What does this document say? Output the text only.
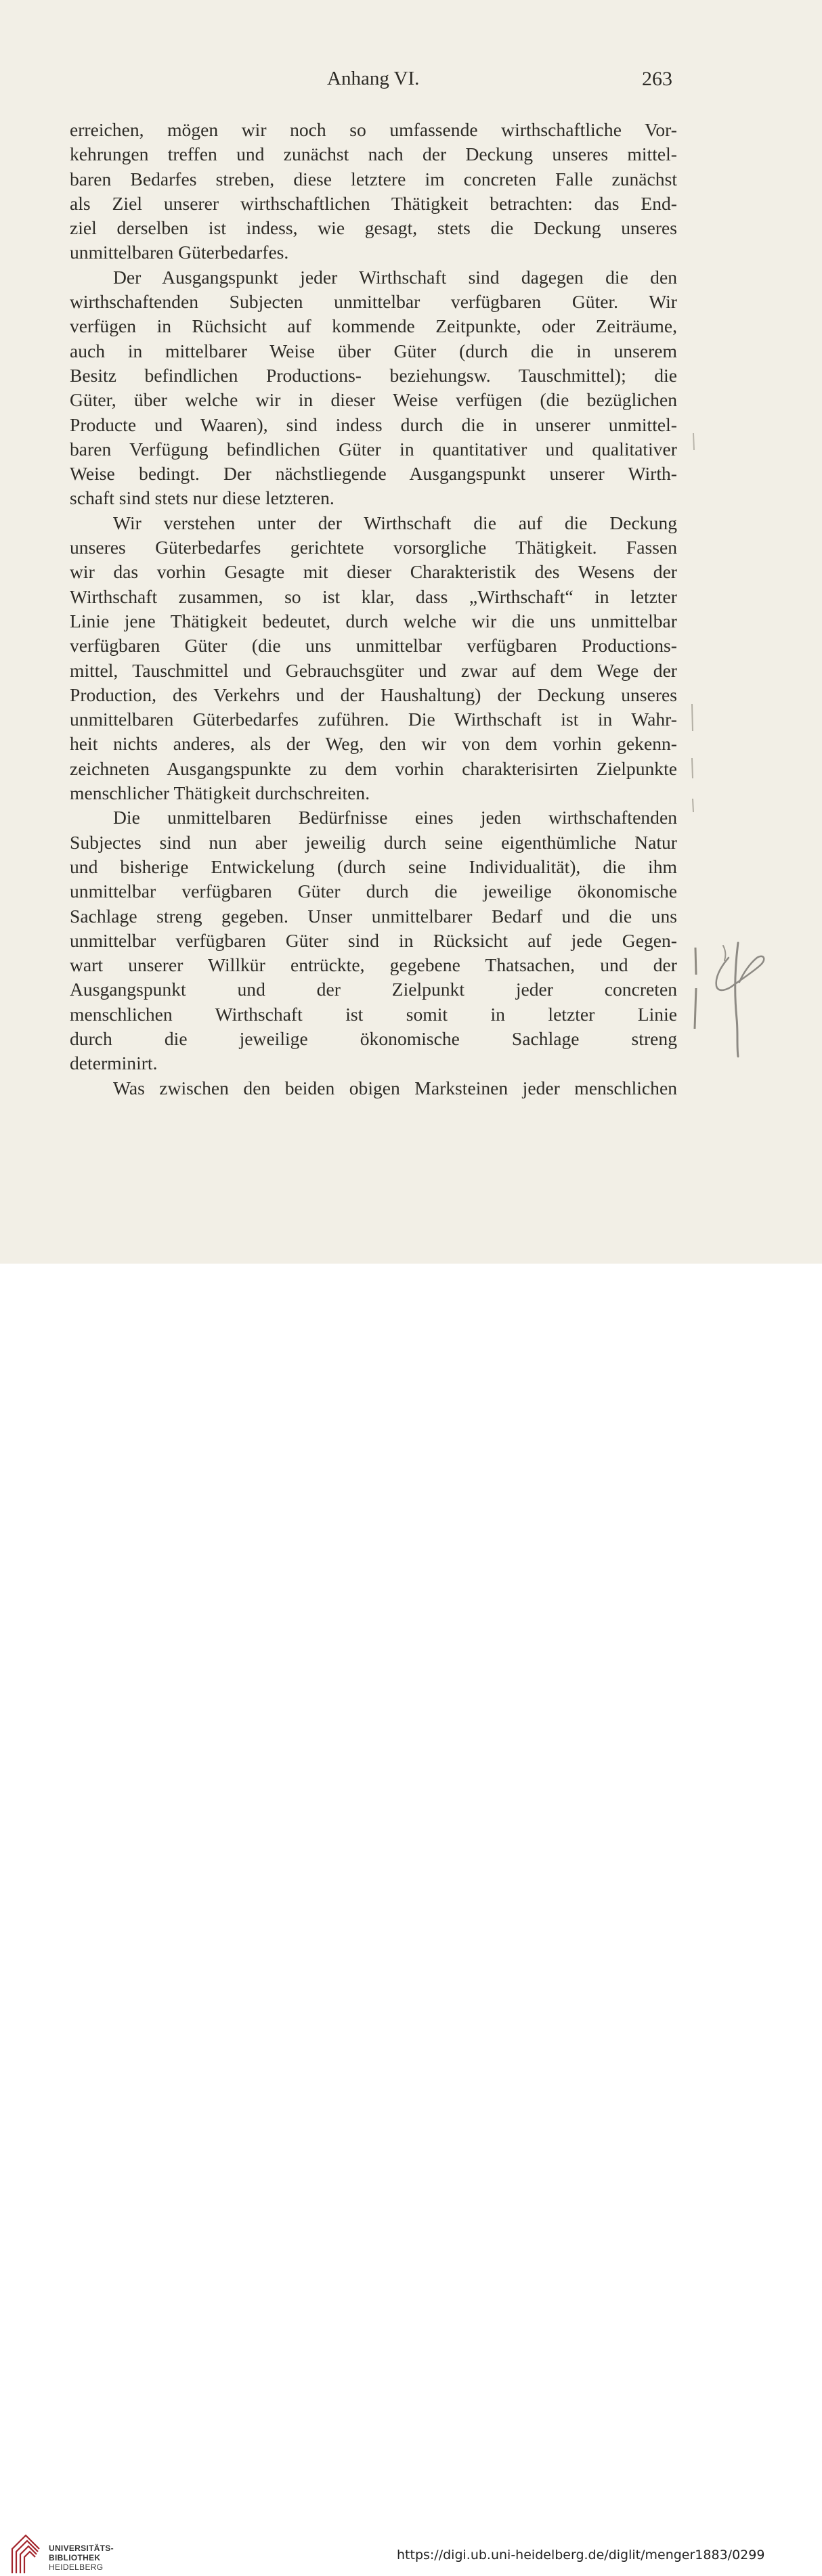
Anhang VI.	263
erreichen, mögen wir noch so umfassende wirthschaftliche Vor-
kehrungen treffen und zunächst nach der Deckung unseres mittel-
baren Bedarfes streben, diese letztere im concreten Falle zunächst
als Ziel unserer wirthschaftlichen Thätigkeit betrachten: das End-
ziel derselben ist indess, wie gesagt, stets die Deckung unseres
unmittelbaren Güterbedarfes.
Der Ausgangspunkt jeder Wirthschaft sind dagegen die den
wirthschaftenden Subjecten unmittelbar verfügbaren Güter. Wir
verfügen in Rüchsicht auf kommende Zeitpunkte, oder Zeiträume,
auch in mittelbarer Weise über Güter (durch die in unserem
Besitz befindlichen Productions- beziehungsw. Tauschmittel); die
Güter, über welche wir in dieser Weise verfügen (die bezüglichen
Producte und Waaren), sind indess durch die in unserer unmittel-
baren Verfügung befindlichen Güter in quantitativer und qualitativer
Weise bedingt. Der nächstliegende Ausgangspunkt unserer Wirth-
schaft sind stets nur diese letzteren.
Wir verstehen unter der Wirthschaft die auf die Deckung
unseres Güterbedarfes gerichtete vorsorgliche Thätigkeit. Fassen
wir das vorhin Gesagte mit dieser Charakteristik des Wesens der
Wirthschaft zusammen, so ist klar, dass „Wirthschaft“ in letzter
Linie jene Thätigkeit bedeutet, durch welche wir die uns unmittelbar
verfügbaren Güter (die uns unmittelbar verfügbaren Productions-
mittel, Tauschmittel und Gebrauchsgüter und zwar auf dem Wege der
Production, des Verkehrs und der Haushaltung) der Deckung unseres
unmittelbaren Güterbedarfes zuführen. Die Wirthschaft ist in Wahr-
heit nichts anderes, als der Weg, den wir von dem vorhin gekenn-
zeichneten Ausgangspunkte zu dem vorhin charakterisirten Zielpunkte
menschlicher Thätigkeit durchschreiten.
Die unmittelbaren Bedürfnisse eines jeden wirthschaftenden
Subjectes sind nun aber jeweilig durch seine eigenthümliche Natur
und bisherige Entwickelung (durch seine Individualität), die ihm
unmittelbar verfügbaren Güter durch die jeweilige ökonomische
Sachlage streng gegeben. Unser unmittelbarer Bedarf und die uns
unmittelbar verfügbaren Güter sind in Rücksicht auf jede Gegen-
wart unserer Willkür entrückte, gegebene Thatsachen, und der
Ausgangspunkt und der Zielpunkt jeder concreten
menschlichen Wirthschaft ist somit in letzter Linie
durch die jeweilige ökonomische Sachlage streng
determinirt.
Was zwischen den beiden obigen Marksteinen jeder menschlichen
UNIVERSITÄTS-
BIBLIOTHEK
HEIDELBERG
https://digi.ub.uni-heidelberg.de/diglit/menger1883/0299
